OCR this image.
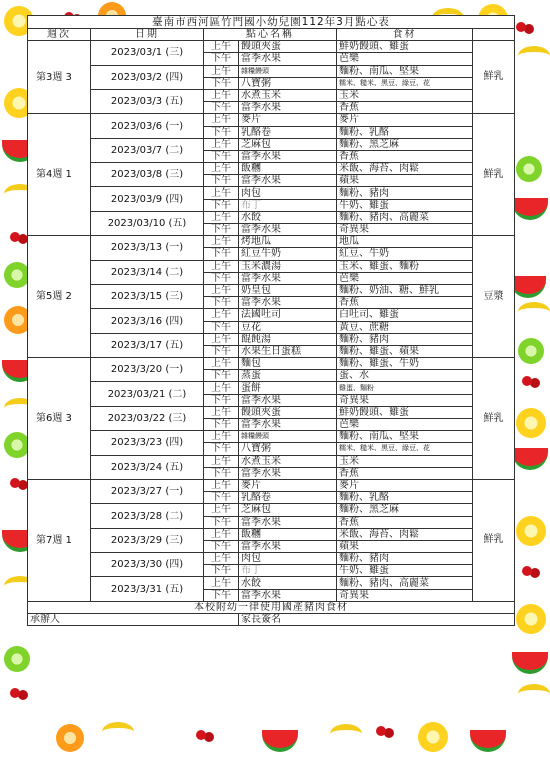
臺南市西河區竹門國小幼兒園112年3月點心表					
週次	日期	點心名稱		食材	
第3週 3	2023/03/1 (三)	上午	饅頭夾蛋	鮮奶饅頭、雞蛋	鮮乳
		下午	當季水果	芭樂	
	2023/03/2 (四)	上午	雜糧饅頭	麵粉、南瓜、堅果	
		下午	八寶粥	糯米、糙米、黑豆、綠豆、花	
	2023/03/3 (五)	上午	水煮玉米	玉米	
		下午	當季水果	香蕉	
第4週 1	2023/03/6 (一)	上午	麥片	麥片	鮮乳
		下午	乳酪卷	麵粉、乳酪	
	2023/03/7 (二)	上午	芝麻包	麵粉、黑芝麻	
		下午	當季水果	香蕉	
	2023/03/8 (三)	上午	飯糰	米飯、海苔、肉鬆	
		下午	當季水果	蘋果	
	2023/03/9 (四)	上午	肉包	麵粉、豬肉	
		下午	布丁	牛奶、雞蛋	
	2023/03/10 (五)	上午	水餃	麵粉、豬肉、高麗菜	
		下午	當季水果	奇異果	
第5週 2	2023/3/13 (一)	上午	烤地瓜	地瓜	豆漿
		下午	紅豆牛奶	紅豆、牛奶	
	2023/3/14 (二)	上午	玉米濃湯	玉米、雞蛋、麵粉	
		下午	當季水果	芭樂	
	2023/3/15 (三)	上午	奶皇包	麵粉、奶油、糖、鮮乳	
		下午	當季水果	香蕉	
	2023/3/16 (四)	上午	法國吐司	白吐司、雞蛋	
		下午	豆花	黃豆、蔗糖	
	2023/3/17 (五)	上午	餛飩湯	麵粉、豬肉	
		下午	水果生日蛋糕	麵粉、雞蛋、蘋果	
第6週 3	2023/3/20 (一)	上午	麵包	麵粉、雞蛋、牛奶	鮮乳
		下午	蒸蛋	蛋、水	
	2023/03/21 (二)	上午	蛋餅	雞蛋、麵粉	
		下午	當季水果	奇異果	
	2023/03/22 (三)	上午	饅頭夾蛋	鮮奶饅頭、雞蛋	
		下午	當季水果	芭樂	
	2023/3/23 (四)	上午	雜糧饅頭	麵粉、南瓜、堅果	
		下午	八寶粥	糯米、糙米、黑豆、綠豆、花	
	2023/3/24 (五)	上午	水煮玉米	玉米	
		下午	當季水果	香蕉	
第7週 1	2023/3/27 (一)	上午	麥片	麥片	鮮乳
		下午	乳酪卷	麵粉、乳酪	
	2023/3/28 (二)	上午	芝麻包	麵粉、黑芝麻	
		下午	當季水果	香蕉	
	2023/3/29 (三)	上午	飯糰	米飯、海苔、肉鬆	
		下午	當季水果	蘋果	
	2023/3/30 (四)	上午	肉包	麵粉、豬肉	
		下午	布丁	牛奶、雞蛋	
	2023/3/31 (五)	上午	水餃	麵粉、豬肉、高麗菜	
		下午	當季水果	奇異果	
本校附幼一律使用國產豬肉食材					
承辦人			家長簽名		
